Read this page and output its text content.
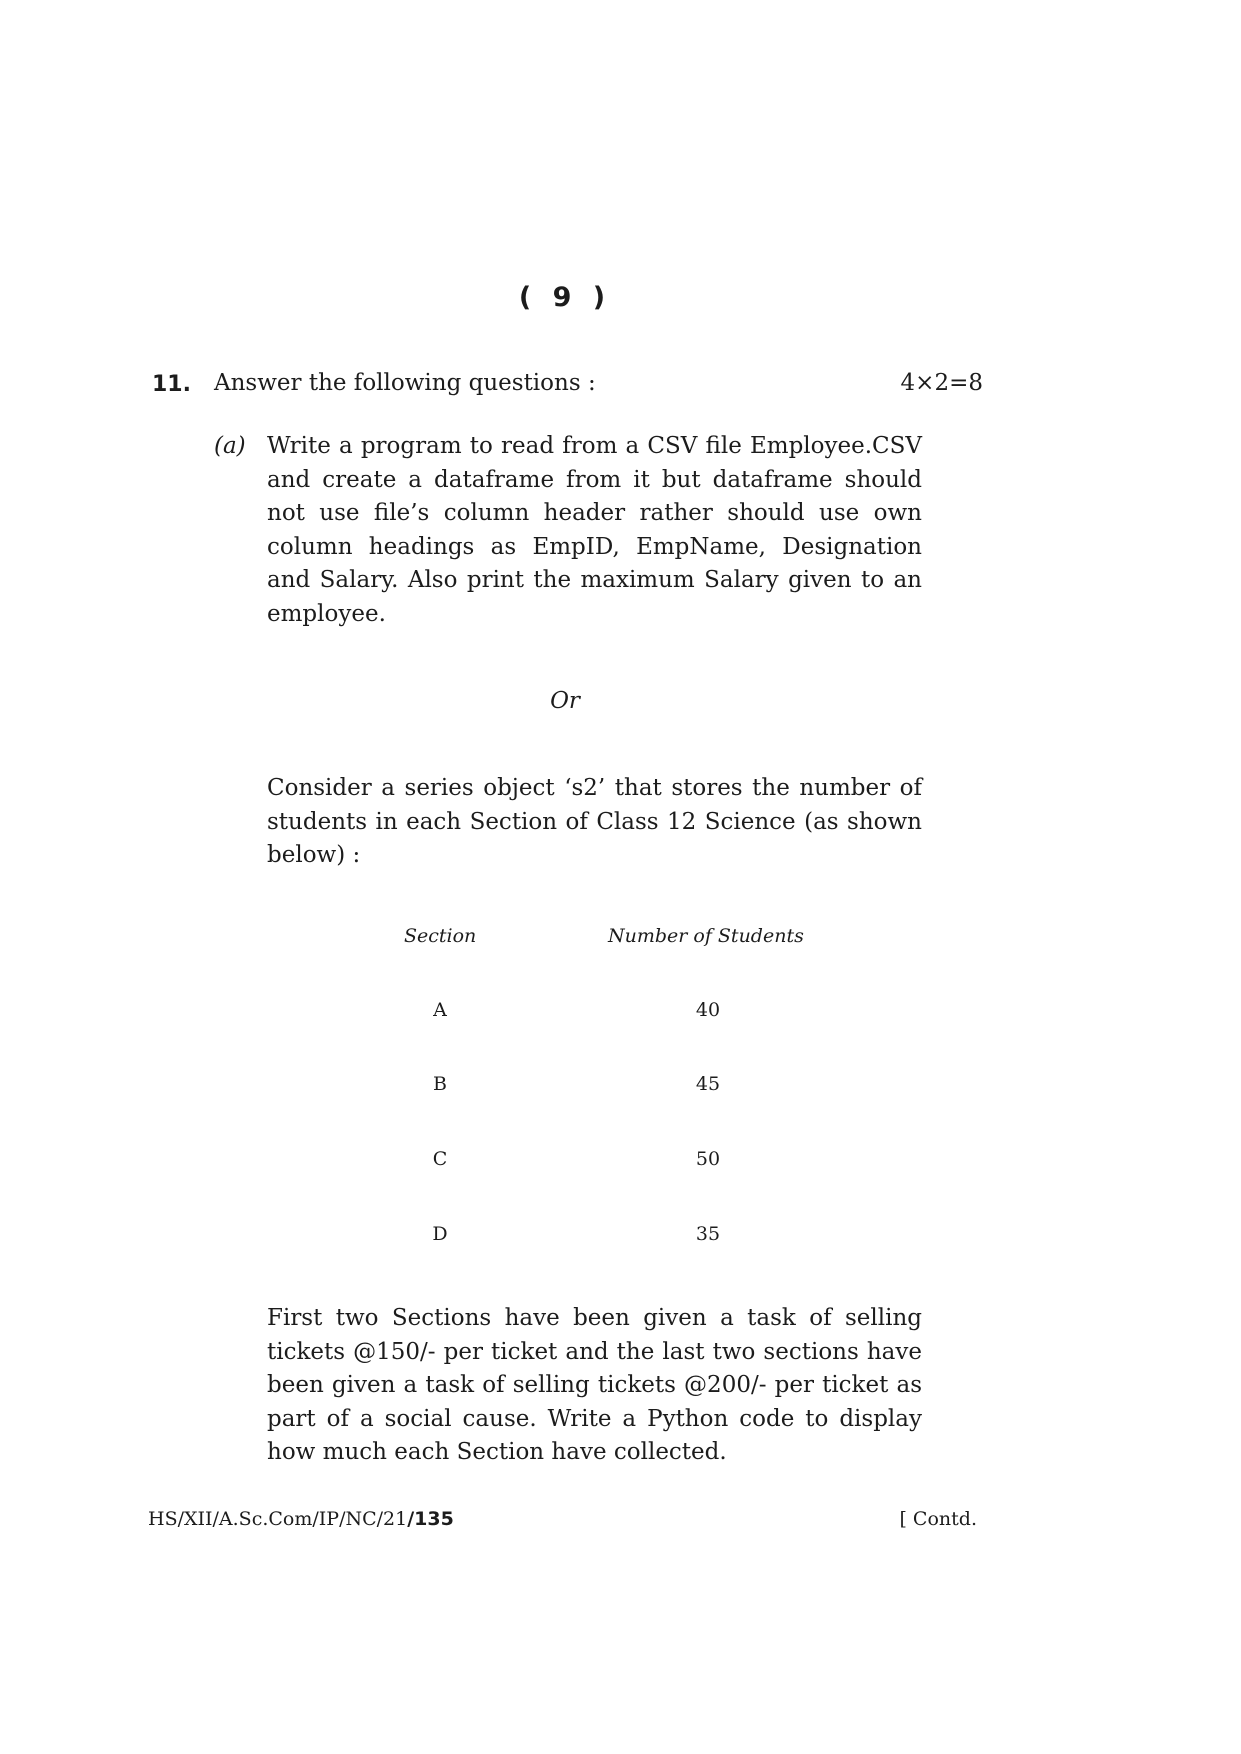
( 9 )
11. Answer the following questions :	4×2=8
(a) Write a program to read from a CSV file Employee.CSV and create a dataframe from it but dataframe should not use file’s column header rather should use own column headings as EmpID, EmpName, Designation and Salary. Also print the maximum Salary given to an employee.
Or
Consider a series object ‘s2’ that stores the number of students in each Section of Class 12 Science (as shown below) :
Section	Number of Students
A	40
B	45
C	50
D	35
First two Sections have been given a task of selling tickets @150/- per ticket and the last two sections have been given a task of selling tickets @200/- per ticket as part of a social cause. Write a Python code to display how much each Section have collected.
HS/XII/A.Sc.Com/IP/NC/21/135	[ Contd.
